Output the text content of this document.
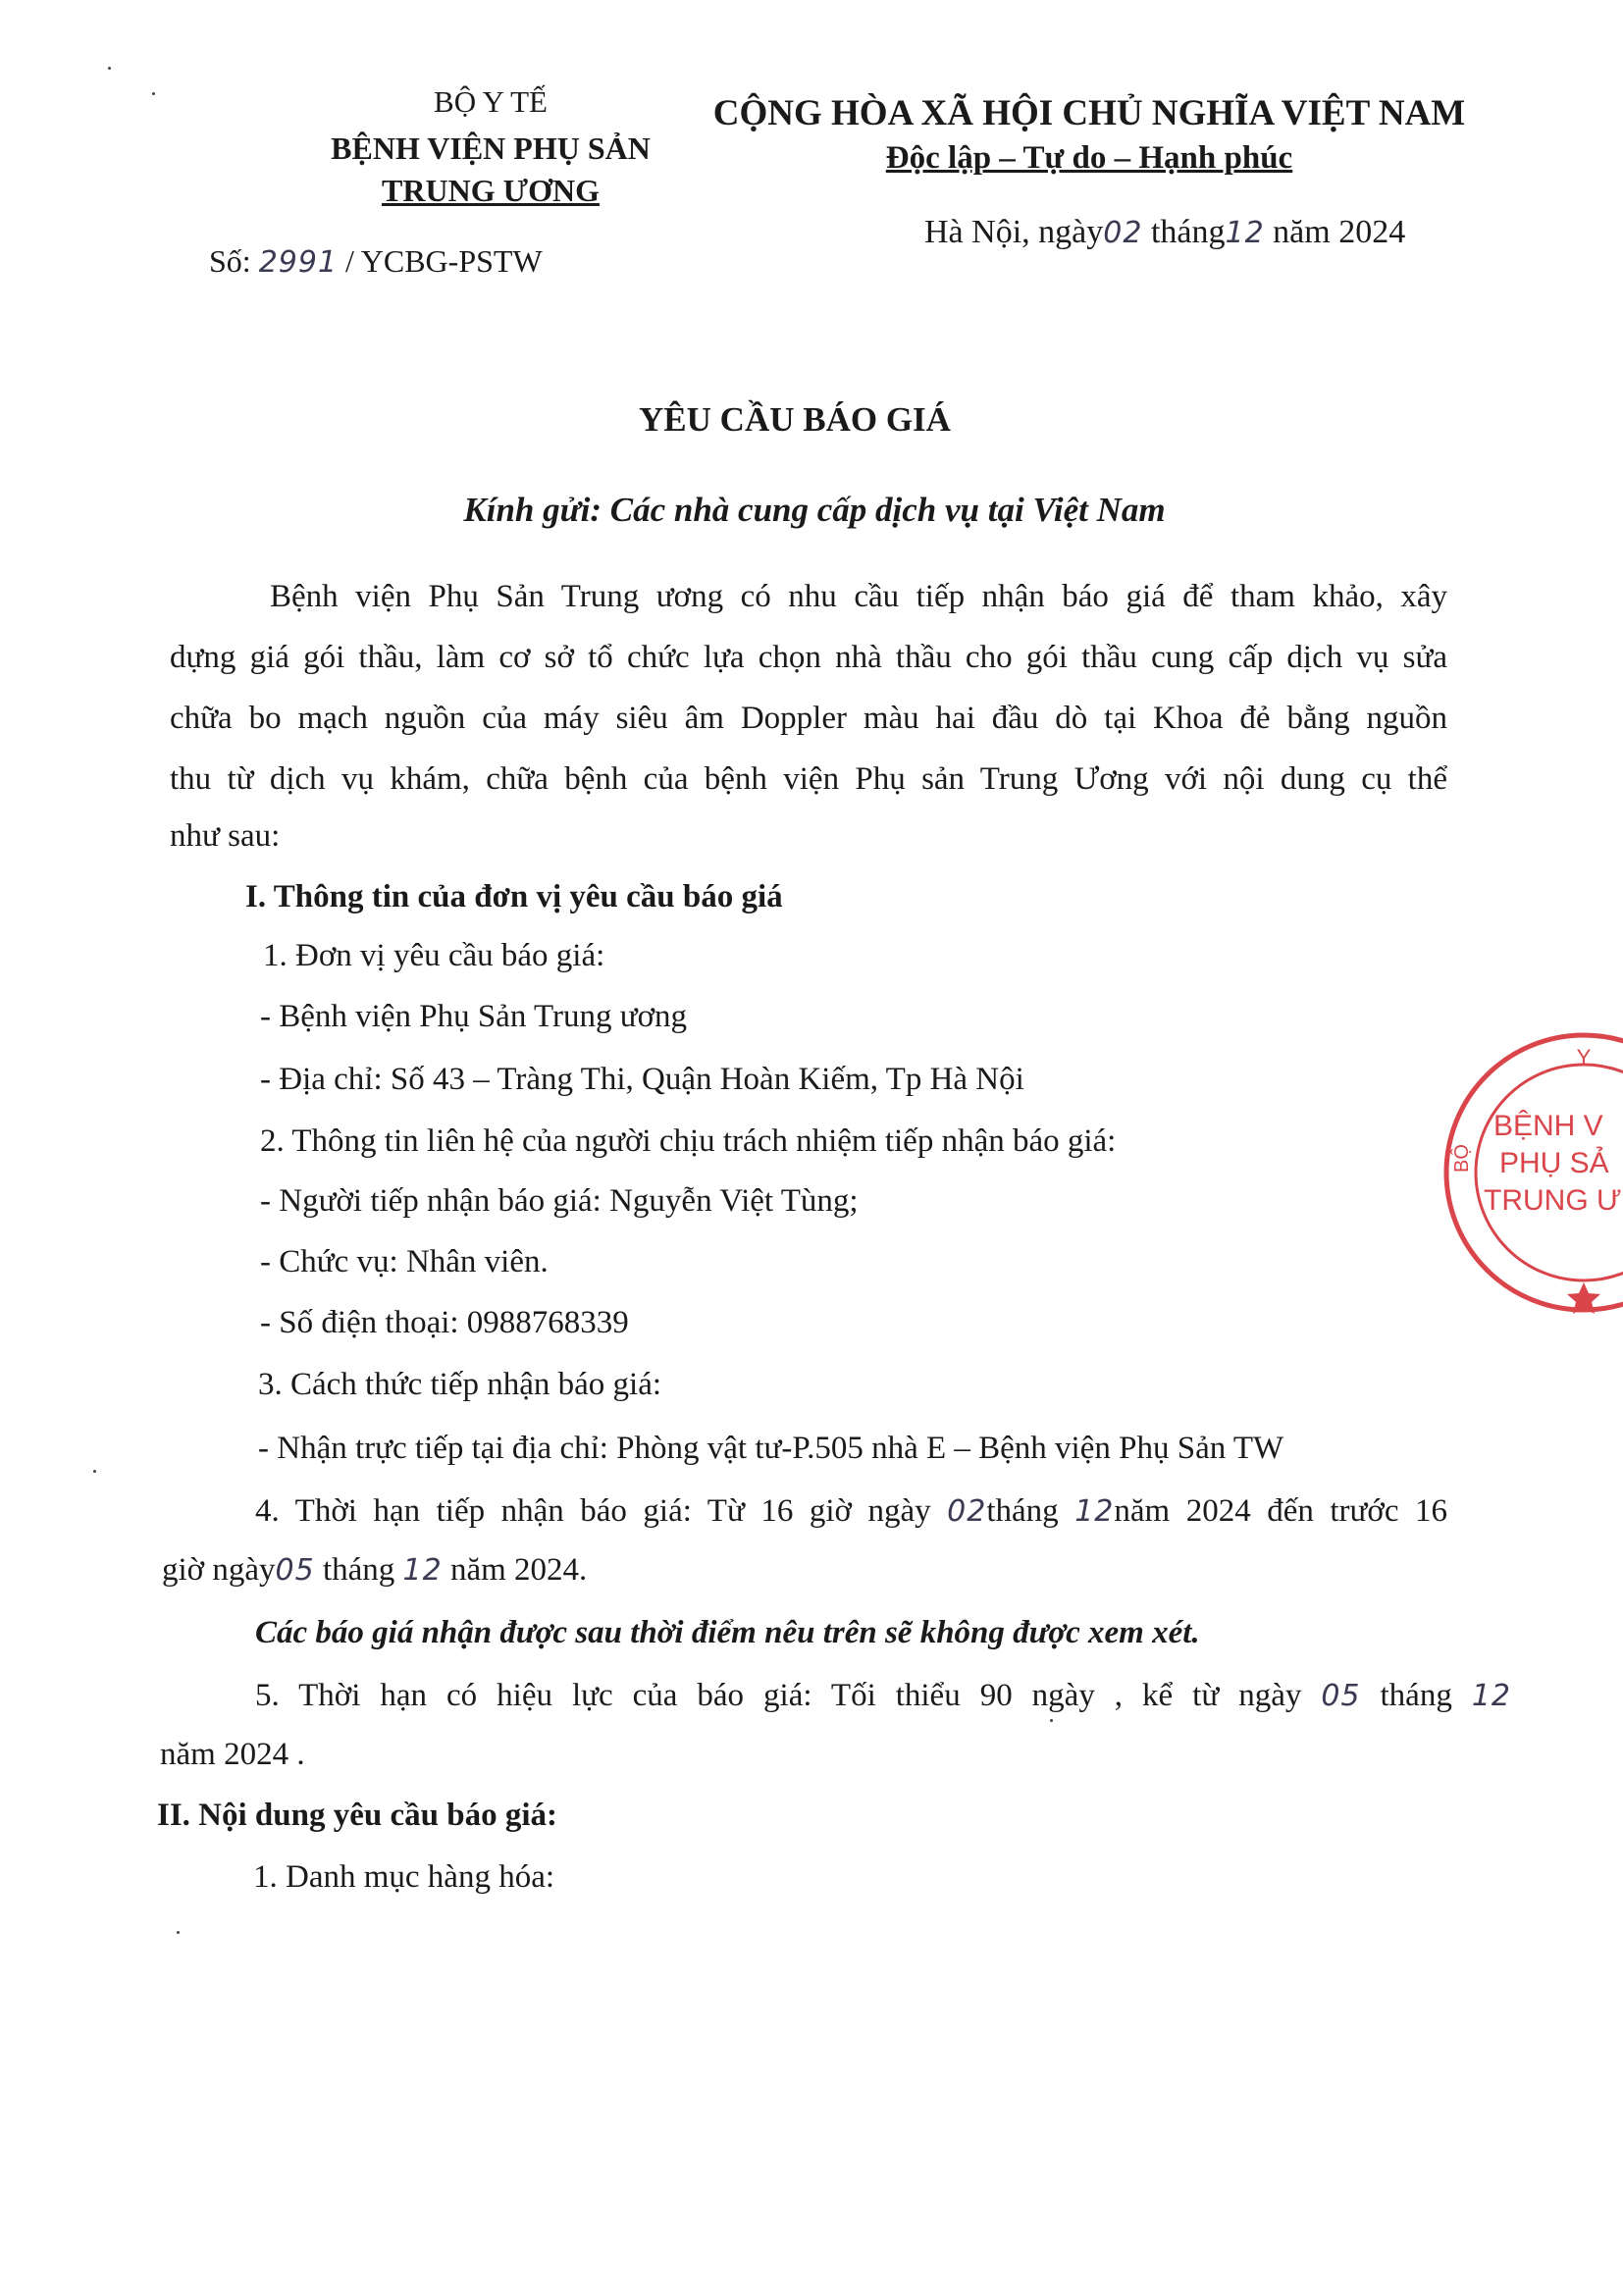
BỘ Y TẾ
BỆNH VIỆN PHỤ SẢN
TRUNG ƯƠNG
Số: 2991 / YCBG-PSTW
CỘNG HÒA XÃ HỘI CHỦ NGHĨA VIỆT NAM
Độc lập – Tự do – Hạnh phúc
Hà Nội, ngày02 tháng12 năm 2024
YÊU CẦU BÁO GIÁ
Kính gửi: Các nhà cung cấp dịch vụ tại Việt Nam
Bệnh viện Phụ Sản Trung ương có nhu cầu tiếp nhận báo giá để tham khảo, xây
dựng giá gói thầu, làm cơ sở tổ chức lựa chọn nhà thầu cho gói thầu cung cấp dịch vụ sửa
chữa bo mạch nguồn của máy siêu âm Doppler màu hai đầu dò tại Khoa đẻ bằng nguồn
thu từ dịch vụ khám, chữa bệnh của bệnh viện Phụ sản Trung Ương với nội dung cụ thể
như sau:
I. Thông tin của đơn vị yêu cầu báo giá
1. Đơn vị yêu cầu báo giá:
- Bệnh viện Phụ Sản Trung ương
- Địa chỉ: Số 43 – Tràng Thi, Quận Hoàn Kiếm, Tp Hà Nội
2. Thông tin liên hệ của người chịu trách nhiệm tiếp nhận báo giá:
- Người tiếp nhận báo giá: Nguyễn Việt Tùng;
- Chức vụ: Nhân viên.
- Số điện thoại: 0988768339
3. Cách thức tiếp nhận báo giá:
- Nhận trực tiếp tại địa chỉ: Phòng vật tư-P.505 nhà E – Bệnh viện Phụ Sản TW
4. Thời hạn tiếp nhận báo giá: Từ 16 giờ ngày 02tháng 12năm 2024 đến trước 16
giờ ngày05 tháng 12 năm 2024.
Các báo giá nhận được sau thời điểm nêu trên sẽ không được xem xét.
5. Thời hạn có hiệu lực của báo giá: Tối thiểu 90 ngày , kể từ ngày 05 tháng 12
năm 2024 .
II. Nội dung yêu cầu báo giá:
1. Danh mục hàng hóa:
Y
BỆNH V
PHỤ SẢ
TRUNG Ư
BỘ
